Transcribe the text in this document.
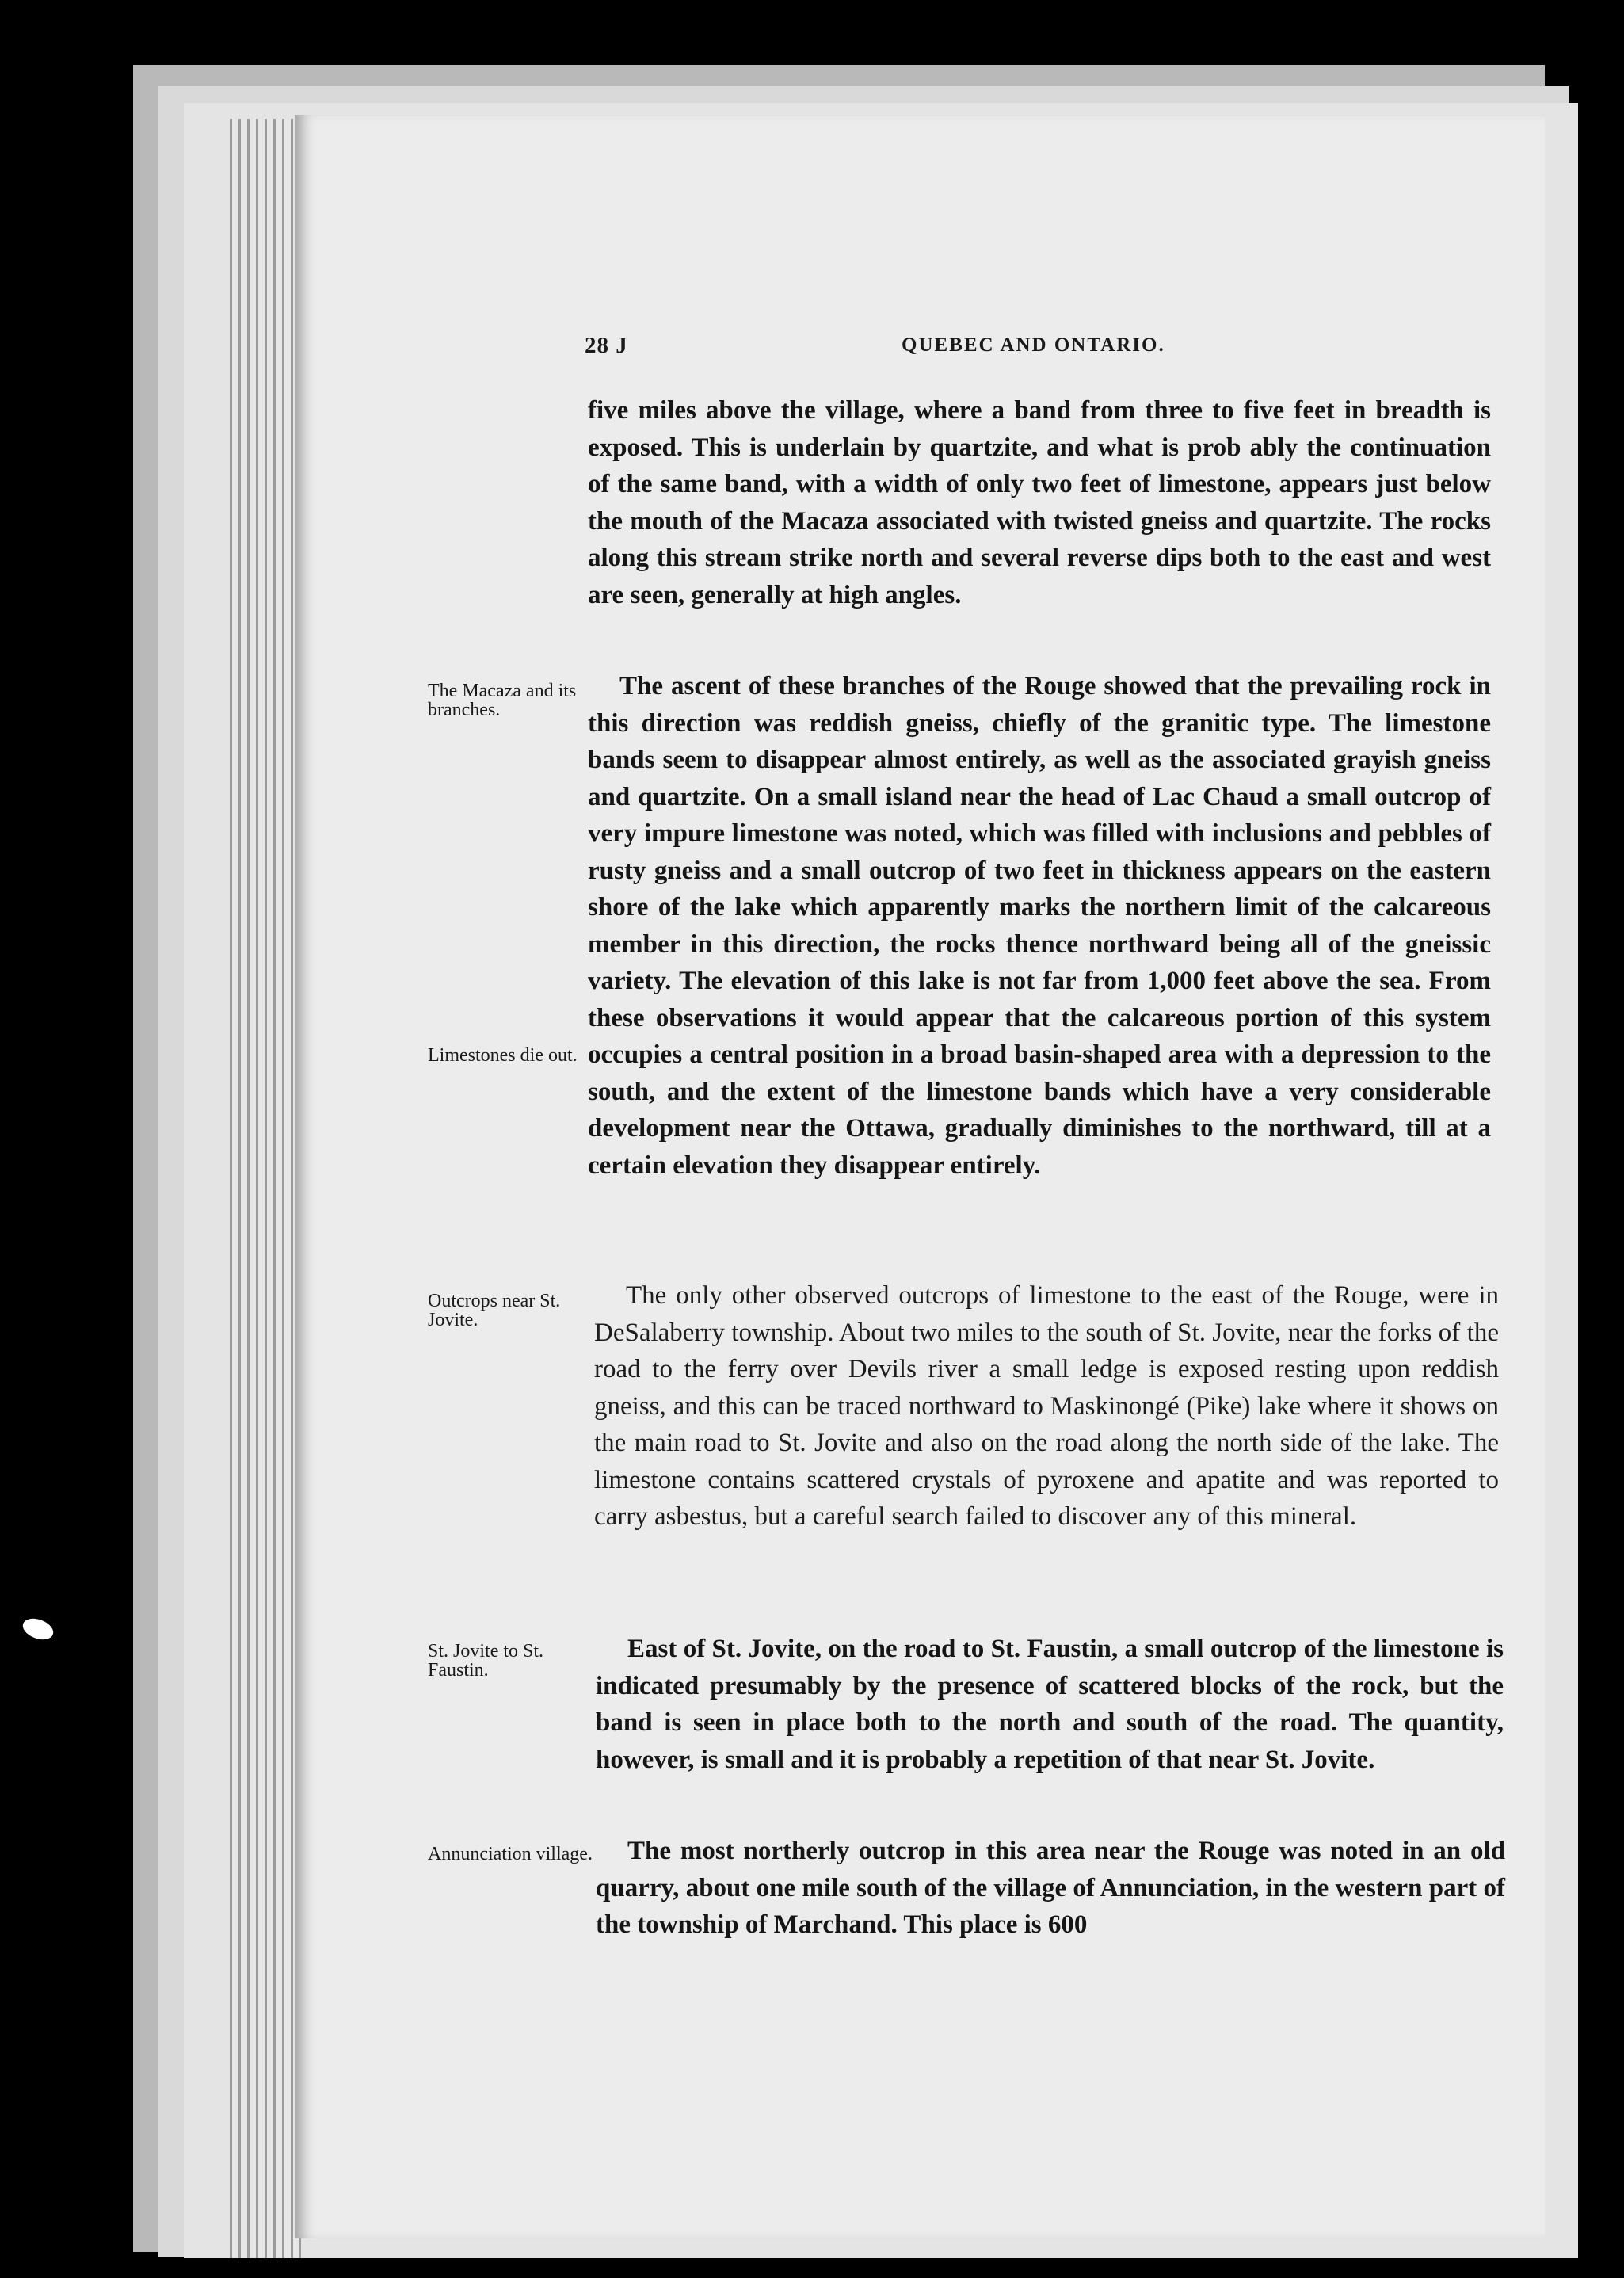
28 J	QUEBEC AND ONTARIO.

five miles above the village, where a band from three to five feet in breadth is exposed. This is underlain by quartzite, and what is prob ably the continuation of the same band, with a width of only two feet of limestone, appears just below the mouth of the Macaza associated with twisted gneiss and quartzite. The rocks along this stream strike north and several reverse dips both to the east and west are seen, generally at high angles.

The Macaza and its branches.

The ascent of these branches of the Rouge showed that the prevailing rock in this direction was reddish gneiss, chiefly of the granitic type. The limestone bands seem to disappear almost entirely, as well as the associated grayish gneiss and quartzite. On a small island near the head of Lac Chaud a small outcrop of very impure limestone was noted, which was filled with inclusions and pebbles of rusty gneiss and a small outcrop of two feet in thickness appears on the eastern shore of the lake which apparently marks the northern limit of the calcareous member in this direction, the rocks thence northward being all of the gneissic variety. The elevation of this lake is not far from 1,000 feet above the sea. From these observations it would appear that the calcareous portion of this system occupies a central position in a broad basin-shaped area with a depression to the south, and the extent of the limestone bands which have a very considerable development near the Ottawa, gradually diminishes to the northward, till at a certain elevation they disappear entirely.

Limestones die out.

Outcrops near St. Jovite.

The only other observed outcrops of limestone to the east of the Rouge, were in DeSalaberry township. About two miles to the south of St. Jovite, near the forks of the road to the ferry over Devils river a small ledge is exposed resting upon reddish gneiss, and this can be traced northward to Maskinongé (Pike) lake where it shows on the main road to St. Jovite and also on the road along the north side of the lake. The limestone contains scattered crystals of pyroxene and apatite and was reported to carry asbestus, but a careful search failed to discover any of this mineral.

St. Jovite to St. Faustin.

East of St. Jovite, on the road to St. Faustin, a small outcrop of the limestone is indicated presumably by the presence of scattered blocks of the rock, but the band is seen in place both to the north and south of the road. The quantity, however, is small and it is probably a repetition of that near St. Jovite.

Annunciation village.	The most northerly outcrop in this area near the Rouge was noted in an old quarry, about one mile south of the village of Annunciation, in the western part of the township of Marchand. This place is 600
